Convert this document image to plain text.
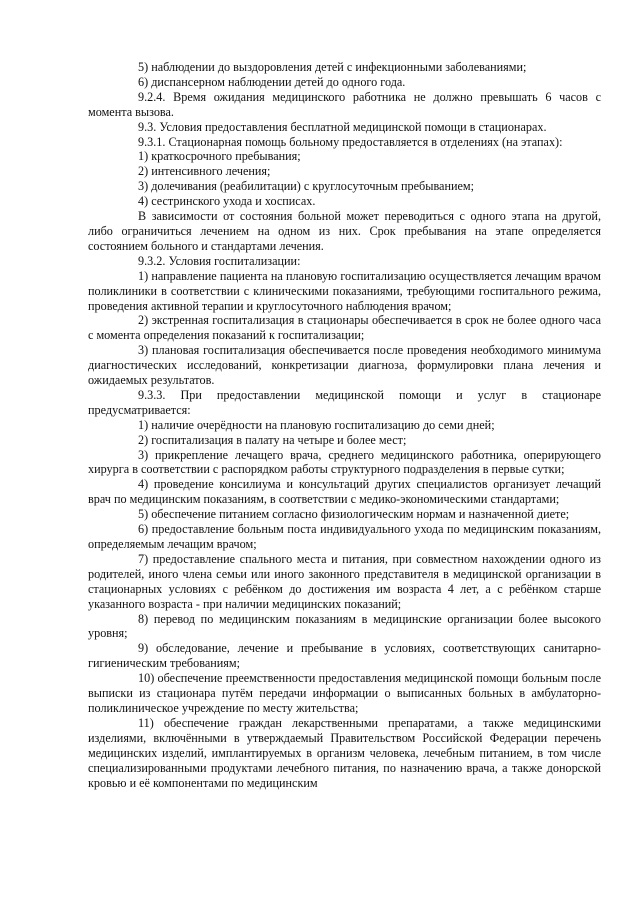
5) наблюдении до выздоровления детей с инфекционными заболеваниями;

6) диспансерном наблюдении детей до одного года.

9.2.4. Время ожидания медицинского работника не должно превышать 6 часов с момента вызова.

9.3. Условия предоставления бесплатной медицинской помощи в стационарах.

9.3.1. Стационарная помощь больному предоставляется в отделениях (на этапах):

1) краткосрочного пребывания;

2) интенсивного лечения;

3) долечивания (реабилитации) с круглосуточным пребыванием;

4) сестринского ухода и хосписах.

В зависимости от состояния больной может переводиться с одного этапа на другой, либо ограничиться лечением на одном из них. Срок пребывания на этапе определяется состоянием больного и стандартами лечения.

9.3.2. Условия госпитализации:

1) направление пациента на плановую госпитализацию осуществляется лечащим врачом поликлиники в соответствии с клиническими показаниями, требующими госпитального режима, проведения активной терапии и круглосуточного наблюдения врачом;

2) экстренная госпитализация в стационары обеспечивается в срок не более одного часа с момента определения показаний к госпитализации;

3) плановая госпитализация обеспечивается после проведения необходимого минимума диагностических исследований, конкретизации диагноза, формулировки плана лечения и ожидаемых результатов.

9.3.3. При предоставлении медицинской помощи и услуг в стационаре предусматривается:

1) наличие очерёдности на плановую госпитализацию до семи дней;

2) госпитализация в палату на четыре и более мест;

3) прикрепление лечащего врача, среднего медицинского работника, оперирующего хирурга в соответствии с распорядком работы структурного подразделения в первые сутки;

4) проведение консилиума и консультаций других специалистов организует лечащий врач по медицинским показаниям, в соответствии с медико-экономическими стандартами;

5) обеспечение питанием согласно физиологическим нормам и назначенной диете;

6) предоставление больным поста индивидуального ухода по медицинским показаниям, определяемым лечащим врачом;

7) предоставление спального места и питания, при совместном нахождении одного из родителей, иного члена семьи или иного законного представителя в медицинской организации в стационарных условиях с ребёнком до достижения им возраста 4 лет, а с ребёнком старше указанного возраста - при наличии медицинских показаний;

8) перевод по медицинским показаниям в медицинские организации более высокого уровня;

9) обследование, лечение и пребывание в условиях, соответствующих санитарно-гигиеническим требованиям;

10) обеспечение преемственности предоставления медицинской помощи больным после выписки из стационара путём передачи информации о выписанных больных в амбулаторно-поликлиническое учреждение по месту жительства;

11) обеспечение граждан лекарственными препаратами, а также медицинскими изделиями, включёнными в утверждаемый Правительством Российской Федерации перечень медицинских изделий, имплантируемых в организм человека, лечебным питанием, в том числе специализированными продуктами лечебного питания, по назначению врача, а также донорской кровью и её компонентами по медицинским
